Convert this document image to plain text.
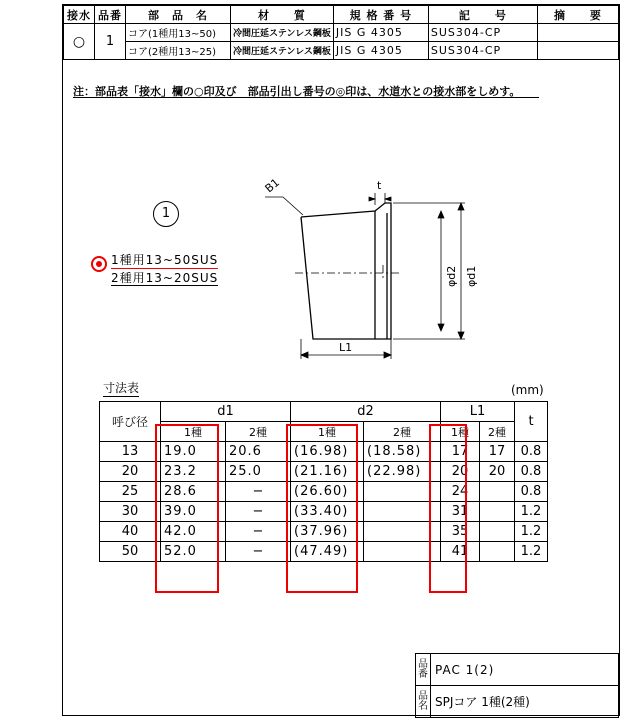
接水	品番	部　品　名	材　　質	規 格 番 号	記　　号	摘　　要
○	1	コア(1種用13~50)	冷間圧延ステンレス鋼板	JIS G 4305	SUS304-CP	
		コア(2種用13~25)	冷間圧延ステンレス鋼板	JIS G 4305	SUS304-CP	
注：部品表「接水」欄の○印及び　部品引出し番号の◎印は、水道水との接水部をしめす。
1
1種用13~50SUS
2種用13~20SUS
B1	t
φd2 φd1
L1
寸法表	(mm)
呼び径	d1		d2		L1		t
	1種	2種	1種	2種	1種	2種	
13	19.0	20.6	(16.98)	(18.58)	17	17	0.8
20	23.2	25.0	(21.16)	(22.98)	20	20	0.8
25	28.6	−	(26.60)		24		0.8
30	39.0	−	(33.40)		31		1.2
40	42.0	−	(37.96)		35		1.2
50	52.0	−	(47.49)		41		1.2
品番	PAC 1(2)
品名	SPJコア 1種(2種)
